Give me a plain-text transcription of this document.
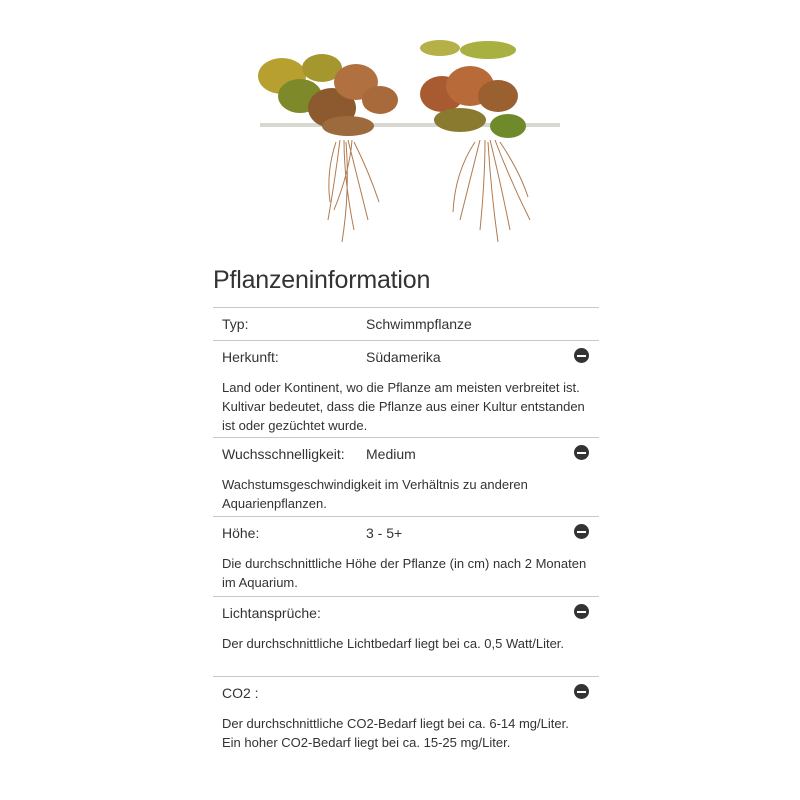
Pflanzeninformation
Typ:	Schwimmpflanze
Herkunft:	Südamerika
Land oder Kontinent, wo die Pflanze am meisten verbreitet ist. Kultivar bedeutet, dass die Pflanze aus einer Kultur entstanden ist oder gezüchtet wurde.
Wuchsschnelligkeit: Medium
Wachstumsgeschwindigkeit im Verhältnis zu anderen Aquarienpflanzen.
Höhe:	3 - 5+
Die durchschnittliche Höhe der Pflanze (in cm) nach 2 Monaten im Aquarium.
Lichtansprüche:
Der durchschnittliche Lichtbedarf liegt bei ca. 0,5 Watt/Liter.
CO2 :
Der durchschnittliche CO2-Bedarf liegt bei ca. 6-14 mg/Liter. Ein hoher CO2-Bedarf liegt bei ca. 15-25 mg/Liter.
